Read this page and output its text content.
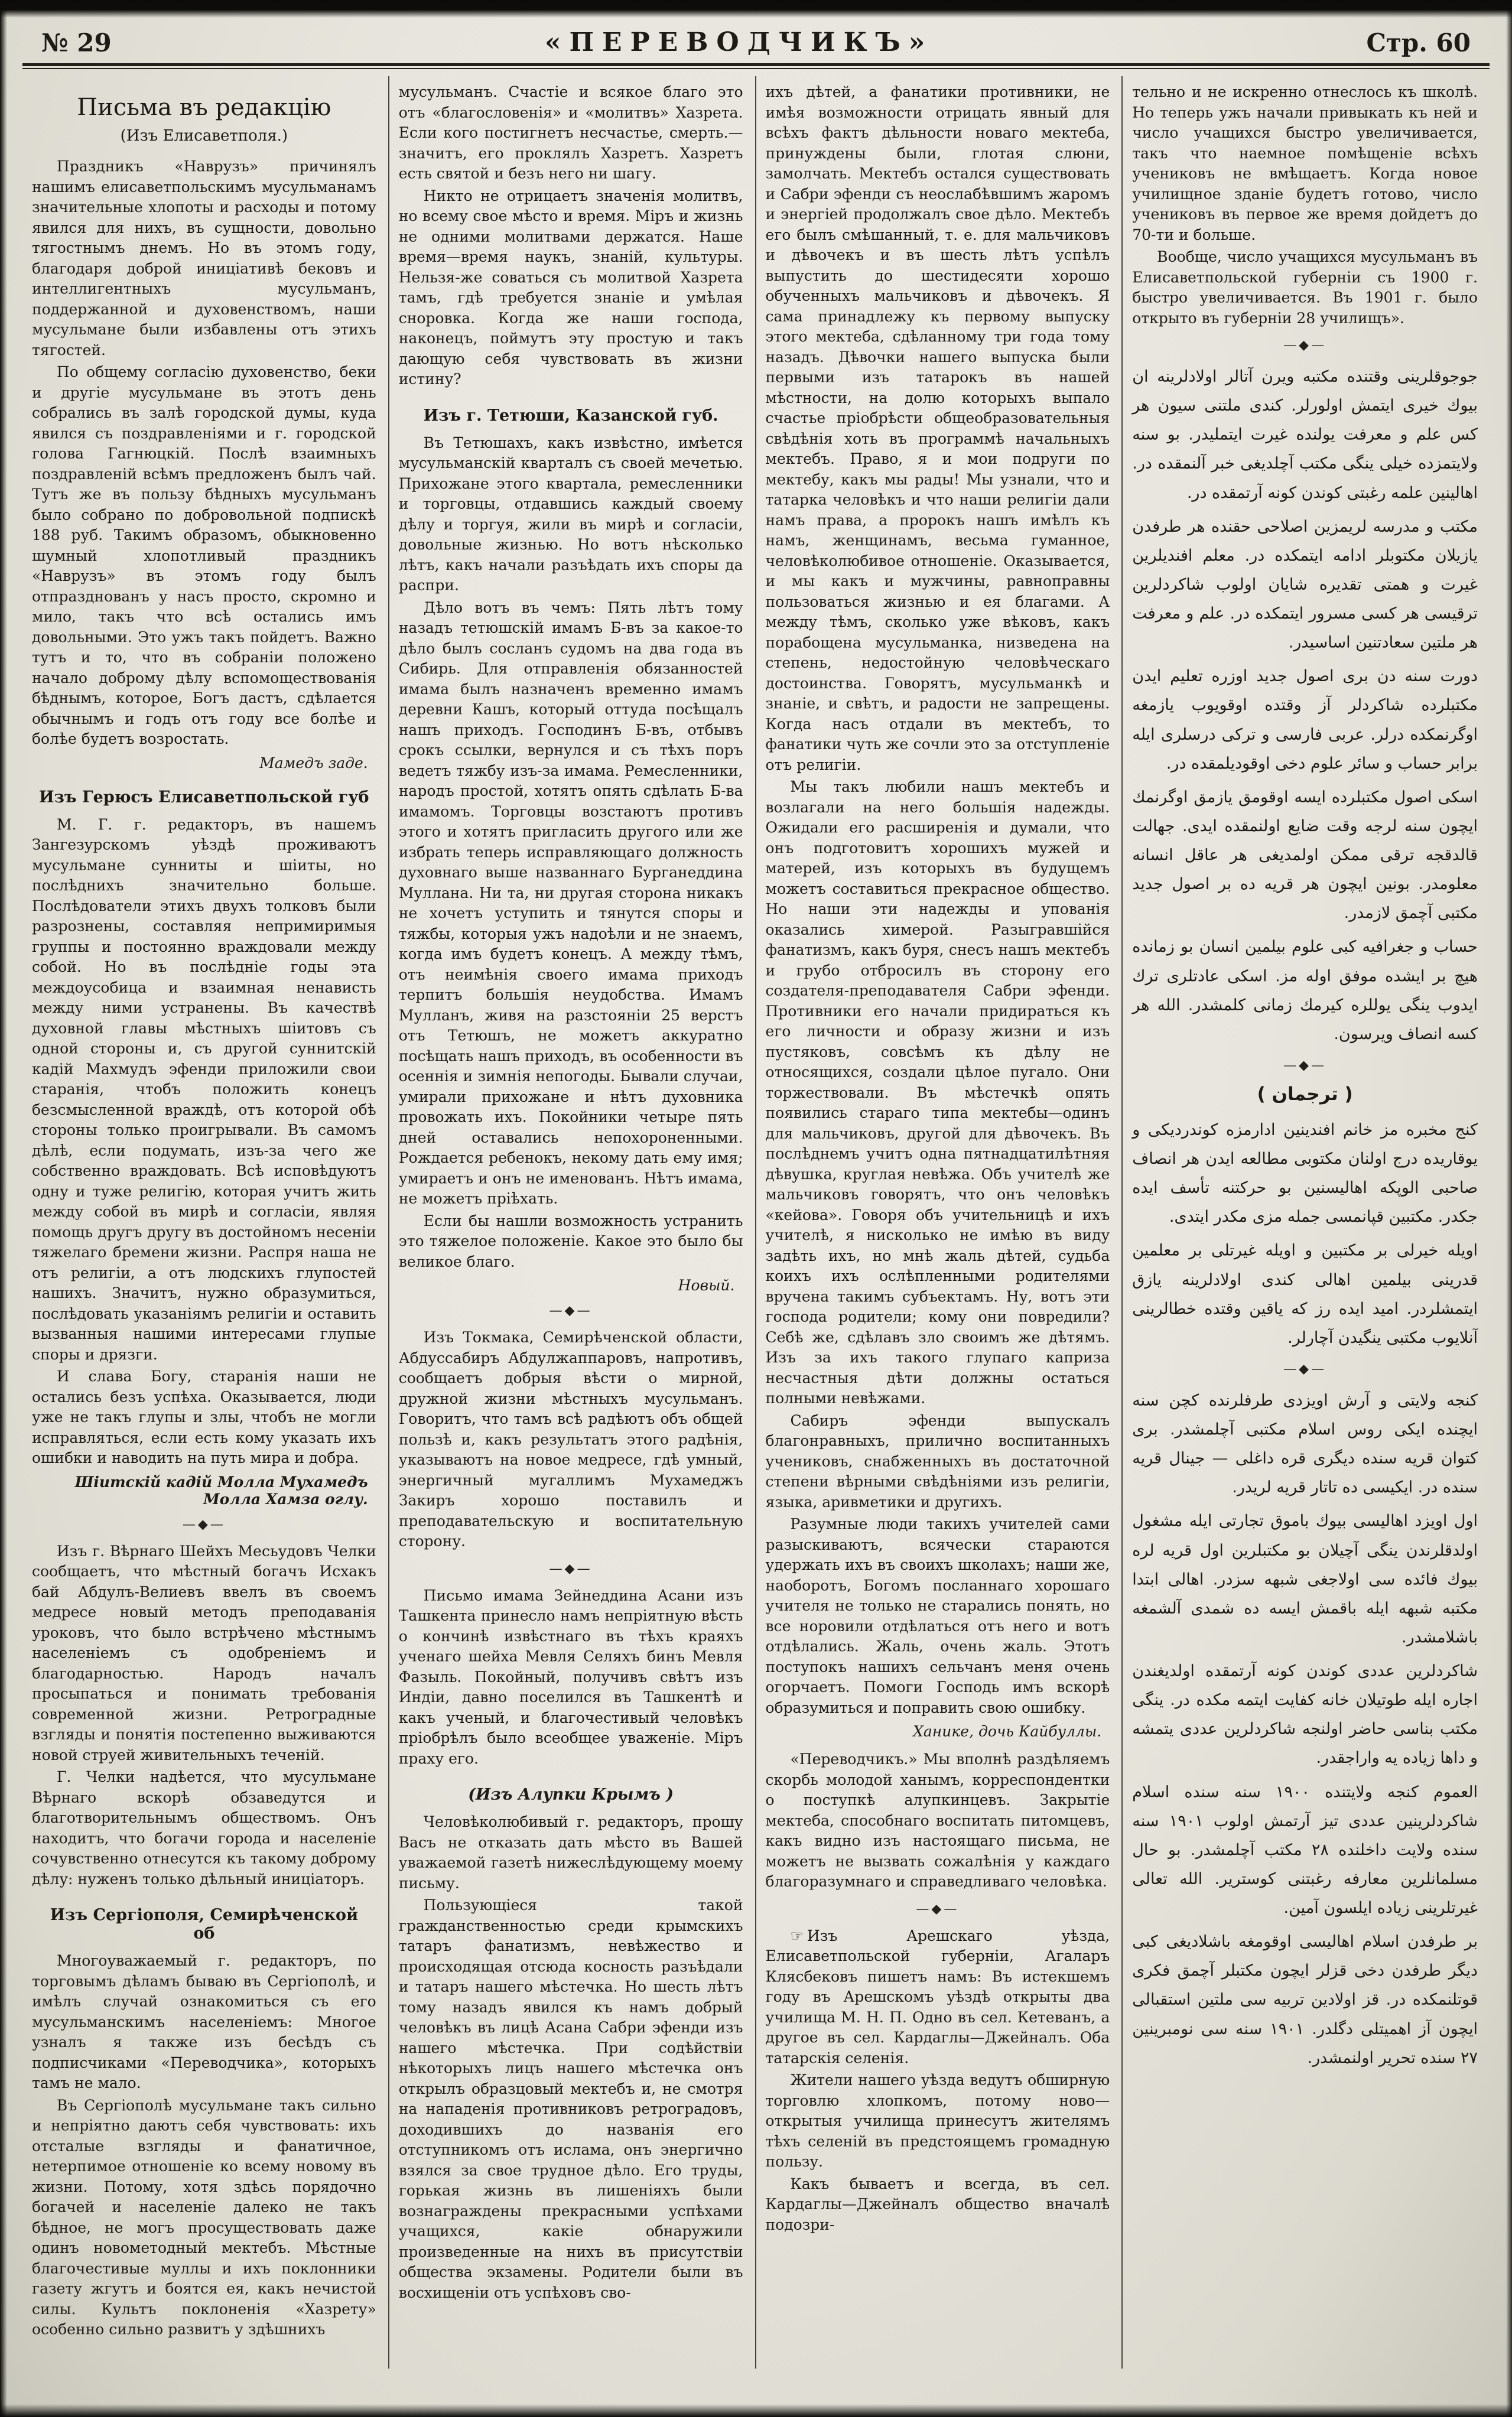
№ 29	«ПЕРЕВОДЧИКЪ»	Стр. 60
Письма въ редакцію
(Изъ Елисаветполя.)

Праздникъ «Наврузъ» причинялъ нашимъ елисаветпольскимъ мусульманамъ значительные хлопоты и расходы и потому явился для нихъ, въ сущности, довольно тягостнымъ днемъ. Но въ этомъ году, благодаря доброй иниціативѣ бековъ и интеллигентныхъ мусульманъ, поддержанной и духовенствомъ, наши мусульмане были избавлены отъ этихъ тягостей.

По общему согласію духовенство, беки и другіе мусульмане въ этотъ день собрались въ залѣ городской думы, куда явился съ поздравленіями и г. городской голова Гагнюцкій. Послѣ взаимныхъ поздравленій всѣмъ предложенъ былъ чай. Тутъ же въ пользу бѣдныхъ мусульманъ было собрано по добровольной подпискѣ 188 руб. Такимъ образомъ, обыкновенно шумный хлопотливый праздникъ «Наврузъ» въ этомъ году былъ отпразднованъ у насъ просто, скромно и мило, такъ что всѣ остались имъ довольными. Это ужъ такъ пойдетъ. Важно тутъ и то, что въ собраніи положено начало доброму дѣлу вспомоществованія бѣднымъ, которое, Богъ дастъ, сдѣлается обычнымъ и годъ отъ году все болѣе и болѣе будетъ возростать.

Мамедъ заде.
Изъ Герюсъ Елисаветпольской губ

М. Г. г. редакторъ, въ нашемъ Зангезурскомъ уѣздѣ проживаютъ мусульмане сунниты и шіиты, но послѣднихъ значительно больше. Послѣдователи этихъ двухъ толковъ были разрознены, составляя непримиримыя группы и постоянно враждовали между собой. Но въ послѣдніе годы эта междоусобица и взаимная ненависть между ними устранены. Въ качествѣ духовной главы мѣстныхъ шіитовъ съ одной стороны и, съ другой суннитскій кадій Махмудъ эфенди приложили свои старанія, чтобъ положить конецъ безсмысленной враждѣ, отъ которой обѣ стороны только проигрывали. Въ самомъ дѣлѣ, если подумать, изъ-за чего же собственно враждовать. Всѣ исповѣдуютъ одну и туже религію, которая учитъ жить между собой въ мирѣ и согласіи, являя помощь другъ другу въ достойномъ несеніи тяжелаго бремени жизни. Распря наша не отъ религіи, а отъ людскихъ глупостей нашихъ. Значитъ, нужно образумиться, послѣдовать указаніямъ религіи и оставить вызванныя нашими интересами глупые споры и дрязги.

И слава Богу, старанія наши не остались безъ успѣха. Оказывается, люди уже не такъ глупы и злы, чтобъ не могли исправляться, если есть кому указать ихъ ошибки и наводить на путь мира и добра.

Шіитскій кадій Молла Мухамедъ Молла Хамза оглу.
—◆—

Изъ г. Вѣрнаго Шейхъ Месьудовъ Челки сообщаетъ, что мѣстный богачъ Исхакъ бай Абдулъ-Велиевъ ввелъ въ своемъ медресе новый методъ преподаванія уроковъ, что было встрѣчено мѣстнымъ населеніемъ съ одобреніемъ и благодарностью. Народъ началъ просыпаться и понимать требованія современной жизни. Ретроградные взгляды и понятія постепенно выживаются новой струей живительныхъ теченій.

Г. Челки надѣется, что мусульмане Вѣрнаго вскорѣ обзаведутся и благотворительнымъ обществомъ. Онъ находитъ, что богачи города и населеніе сочувственно отнесутся къ такому доброму дѣлу: нуженъ только дѣльный иниціаторъ.

Изъ Сергіополя, Семирѣченской об

Многоуважаемый г. редакторъ, по торговымъ дѣламъ бываю въ Сергіополѣ, и имѣлъ случай ознакомиться съ его мусульманскимъ населеніемъ: Многое узналъ я также изъ бесѣдъ съ подписчиками «Переводчика», которыхъ тамъ не мало.

Въ Сергіополѣ мусульмане такъ сильно и непріятно даютъ себя чувствовать: ихъ отсталые взгляды и фанатичное, нетерпимое отношеніе ко всему новому въ жизни. Потому, хотя здѣсь порядочно богачей и населеніе далеко не такъ бѣдное, не могъ просуществовать даже одинъ новометодный мектебъ. Мѣстные благочестивые муллы и ихъ поклонники газету жгутъ и боятся ея, какъ нечистой силы. Культъ поклоненія «Хазрету» особенно сильно развитъ у здѣшнихъ

мусульманъ. Счастіе и всякое благо это отъ «благословенія» и «молитвъ» Хазрета. Если кого постигнетъ несчастье, смерть.—значитъ, его проклялъ Хазретъ. Хазретъ есть святой и безъ него ни шагу.

Никто не отрицаетъ значенія молитвъ, но всему свое мѣсто и время. Міръ и жизнь не одними молитвами держатся. Наше время—время наукъ, знаній, культуры. Нельзя-же соваться съ молитвой Хазрета тамъ, гдѣ требуется знаніе и умѣлая сноровка. Когда же наши господа, наконецъ, поймутъ эту простую и такъ дающую себя чувствовать въ жизни истину?

Изъ г. Тетюши, Казанской губ.

Въ Тетюшахъ, какъ извѣстно, имѣется мусульманскій кварталъ съ своей мечетью. Прихожане этого квартала, ремесленники и торговцы, отдавшись каждый своему дѣлу и торгуя, жили въ мирѣ и согласіи, довольные жизнью. Но вотъ нѣсколько лѣтъ, какъ начали разъѣдать ихъ споры да распри.

Дѣло вотъ въ чемъ: Пять лѣтъ тому назадъ тетюшскій имамъ Б-въ за какое-то дѣло былъ сосланъ судомъ на два года въ Сибирь. Для отправленія обязанностей имама былъ назначенъ временно имамъ деревни Кашъ, который оттуда посѣщалъ нашъ приходъ. Господинъ Б-въ, отбывъ срокъ ссылки, вернулся и съ тѣхъ поръ ведетъ тяжбу изъ-за имама. Ремесленники, народъ простой, хотятъ опять сдѣлать Б-ва имамомъ. Торговцы возстаютъ противъ этого и хотятъ пригласить другого или же избрать теперь исправляющаго должность духовнаго выше названнаго Бурганеддина Муллана. Ни та, ни другая сторона никакъ не хочетъ уступить и тянутся споры и тяжбы, которыя ужъ надоѣли и не знаемъ, когда имъ будетъ конецъ. А между тѣмъ, отъ неимѣнія своего имама приходъ терпитъ большія неудобства. Имамъ Мулланъ, живя на разстояніи 25 верстъ отъ Тетюшъ, не можетъ аккуратно посѣщать нашъ приходъ, въ особенности въ осеннія и зимнія непогоды. Бывали случаи, умирали прихожане и нѣтъ духовника провожать ихъ. Покойники четыре пять дней оставались непохороненными. Рождается ребенокъ, некому дать ему имя; умираетъ и онъ не именованъ. Нѣтъ имама, не можетъ пріѣхать.

Если бы нашли возможность устранить это тяжелое положеніе. Какое это было бы великое благо.

Новый.
—◆—

Изъ Токмака, Семирѣченской области, Абдуссабиръ Абдулжаппаровъ, напротивъ, сообщаетъ добрыя вѣсти о мирной, дружной жизни мѣстныхъ мусульманъ. Говоритъ, что тамъ всѣ радѣютъ объ общей пользѣ и, какъ результатъ этого радѣнія, указываютъ на новое медресе, гдѣ умный, энергичный мугаллимъ Мухамеджъ Закиръ хорошо поставилъ и преподавательскую и воспитательную сторону.

—◆—

Письмо имама Зейнеддина Асани изъ Ташкента принесло намъ непріятную вѣсть о кончинѣ извѣстнаго въ тѣхъ краяхъ ученаго шейха Мевля Селяхъ бинъ Мевля Фазыль. Покойный, получивъ свѣтъ изъ Индіи, давно поселился въ Ташкентѣ и какъ ученый, и благочестивый человѣкъ пріобрѣлъ было всеобщее уваженіе. Міръ праху его.

(Изъ Алупки Крымъ )

Человѣколюбивый г. редакторъ, прошу Васъ не отказать дать мѣсто въ Вашей уважаемой газетѣ нижеслѣдующему моему письму.

Пользующіеся такой гражданственностью среди крымскихъ татаръ фанатизмъ, невѣжество и происходящая отсюда косность разъѣдали и татаръ нашего мѣстечка. Но шесть лѣтъ тому назадъ явился къ намъ добрый человѣкъ въ лицѣ Асана Сабри эфенди изъ нашего мѣстечка. При содѣйствіи нѣкоторыхъ лицъ нашего мѣстечка онъ открылъ образцовый мектебъ и, не смотря на нападенія противниковъ ретроградовъ, доходившихъ до названія его отступникомъ отъ ислама, онъ энергично взялся за свое трудное дѣло. Его труды, горькая жизнь въ лишеніяхъ были вознаграждены прекрасными успѣхами учащихся, какіе обнаружили произведенные на нихъ въ присутствіи общества экзамены. Родители были въ восхищеніи отъ успѣховъ сво-

ихъ дѣтей, а фанатики противники, не имѣя возможности отрицать явный для всѣхъ фактъ дѣльности новаго мектеба, принуждены были, глотая слюни, замолчать. Мектебъ остался существовать и Сабри эфенди съ неослабѣвшимъ жаромъ и энергіей продолжалъ свое дѣло. Мектебъ его былъ смѣшанный, т. е. для мальчиковъ и дѣвочекъ и въ шесть лѣтъ успѣлъ выпустить до шестидесяти хорошо обученныхъ мальчиковъ и дѣвочекъ. Я сама принадлежу къ первому выпуску этого мектеба, сдѣланному три года тому назадъ. Дѣвочки нашего выпуска были первыми изъ татарокъ въ нашей мѣстности, на долю которыхъ выпало счастье пріобрѣсти общеобразовательныя свѣдѣнія хоть въ программѣ начальныхъ мектебъ. Право, я и мои подруги по мектебу, какъ мы рады! Мы узнали, что и татарка человѣкъ и что наши религіи дали намъ права, а пророкъ нашъ имѣлъ къ намъ, женщинамъ, весьма гуманное, человѣколюбивое отношеніе. Оказывается, и мы какъ и мужчины, равноправны пользоваться жизнью и ея благами. А между тѣмъ, сколько уже вѣковъ, какъ порабощена мусульманка, низведена на степень, недостойную человѣческаго достоинства. Говорятъ, мусульманкѣ и знаніе, и свѣтъ, и радости не запрещены. Когда насъ отдали въ мектебъ, то фанатики чуть же сочли это за отступленіе отъ религіи.

Мы такъ любили нашъ мектебъ и возлагали на него большія надежды. Ожидали его расширенія и думали, что онъ подготовитъ хорошихъ мужей и матерей, изъ которыхъ въ будущемъ можетъ составиться прекрасное общество. Но наши эти надежды и упованія оказались химерой. Разыгравшійся фанатизмъ, какъ буря, снесъ нашъ мектебъ и грубо отбросилъ въ сторону его создателя-преподавателя Сабри эфенди. Противники его начали придираться къ его личности и образу жизни и изъ пустяковъ, совсѣмъ къ дѣлу не относящихся, создали цѣлое пугало. Они торжествовали. Въ мѣстечкѣ опять появились стараго типа мектебы—одинъ для мальчиковъ, другой для дѣвочекъ. Въ послѣднемъ учитъ одна пятнадцатилѣтняя дѣвушка, круглая невѣжа. Объ учителѣ же мальчиковъ говорятъ, что онъ человѣкъ «кейова». Говоря объ учительницѣ и ихъ учителѣ, я нисколько не имѣю въ виду задѣть ихъ, но мнѣ жаль дѣтей, судьба коихъ ихъ ослѣпленными родителями вручена такимъ субъектамъ. Ну, вотъ эти господа родители; кому они повредили? Себѣ же, сдѣлавъ зло своимъ же дѣтямъ. Изъ за ихъ такого глупаго каприза несчастныя дѣти должны остаться полными невѣжами.

Сабиръ эфенди выпускалъ благонравныхъ, прилично воспитанныхъ учениковъ, снабженныхъ въ достаточной степени вѣрными свѣдѣніями изъ религіи, языка, аривметики и другихъ.

Разумные люди такихъ учителей сами разыскиваютъ, всячески стараются удержать ихъ въ своихъ школахъ; наши же, наоборотъ, Богомъ посланнаго хорошаго учителя не только не старались понять, но все норовили отдѣлаться отъ него и вотъ отдѣлались. Жаль, очень жаль. Этотъ поступокъ нашихъ сельчанъ меня очень огорчаетъ. Помоги Господь имъ вскорѣ образумиться и поправить свою ошибку.

Ханике, дочь Кайбуллы.

«Переводчикъ.» Мы вполнѣ раздѣляемъ скорбь молодой ханымъ, корреспондентки о поступкѣ алупкинцевъ. Закрытіе мектеба, способнаго воспитать питомцевъ, какъ видно изъ настоящаго письма, не можетъ не вызвать сожалѣнія у каждаго благоразумнаго и справедливаго человѣка.

—◆—

☞ Изъ Арешскаго уѣзда, Елисаветпольской губерніи, Агаларъ Клясбековъ пишетъ намъ: Въ истекшемъ году въ Арешскомъ уѣздѣ открыты два училища М. Н. П. Одно въ сел. Кетеванъ, а другое въ сел. Кардаглы—Джейналъ. Оба татарскія селенія.

Жители нашего уѣзда ведутъ обширную торговлю хлопкомъ, потому ново—открытыя училища принесутъ жителямъ тѣхъ селеній въ предстоящемъ громадную пользу.

Какъ бываетъ и всегда, въ сел. Кардаглы—Джейналъ общество вначалѣ подозри-

тельно и не искренно отнеслось къ школѣ. Но теперь ужъ начали привыкать къ ней и число учащихся быстро увеличивается, такъ что наемное помѣщеніе всѣхъ учениковъ не вмѣщаетъ. Когда новое училищное зданіе будетъ готово, число учениковъ въ первое же время дойдетъ до 70-ти и больше.

Вообще, число учащихся мусульманъ въ Елисаветпольской губерніи съ 1900 г. быстро увеличивается. Въ 1901 г. было открыто въ губерніи 28 училищъ».

—◆—

جوجوقلرینی وقتنده مکتبه ویرن آتالر اولادلرینه ان بیوك خیری ایتمش اولورلر. كندی ملتنی سیون هر كس علم و معرفت یولنده غیرت ایتملیدر. بو سنه ولایتمزده خیلی ینگی مکتب آچلدیغی خبر آلنمقده در. اهالینین علمه رغبتی كوندن كونه آرتمقده در.

مکتب و مدرسه لریمزین اصلاحی حقنده هر طرفدن یازیلان مکتوبلر ادامه ایتمكده در. معلم افندیلرین غیرت و همتی تقدیره شایان اولوب شاكردلرین ترقیسی هر كسی مسرور ایتمكده در. علم و معرفت هر ملتین سعادتنین اساسیدر.

دورت سنه دن بری اصول جدید اوزره تعلیم ایدن مکتبلرده شاكردلر آز وقتده اوقویوب یازمغه اوگرنمكده درلر. عربی فارسی و تركی درسلری ایله برابر حساب و سائر علوم دخی اوقودیلمقده در.

اسكی اصول مکتبلرده ایسه اوقومق یازمق اوگرنمك ایچون سنه لرجه وقت ضایع اولنمقده ایدی. جهالت قالدقجه ترقی ممكن اولمدیغی هر عاقل انسانه معلومدر. بونین ایچون هر قریه ده بر اصول جدید مکتبی آچمق لازمدر.

حساب و جغرافیه كبی علوم بیلمین انسان بو زمانده هیچ بر ایشده موفق اوله مز. اسكی عادتلری ترك ایدوب ینگی یوللره كیرمك زمانی كلمشدر. الله هر كسه انصاف ویرسون.

—◆—
( ترجمان )

كنج مخبره مز خانم افندینین ادارمزه كوندردیكی و یوقاریده درج اولنان مكتوبی مطالعه ایدن هر انصاف صاحبی الوپكه اهالیسنین بو حركتنه تأسف ایده جكدر. مکتبین قپانمسی جمله مزی مكدر ایتدی.

اویله خیرلی بر مكتبین و اویله غیرتلی بر معلمین قدرینی بیلمین اهالی كندی اولادلرینه یازق ایتمشلردر. امید ایده رز كه یاقین وقتده خطالرینی آنلایوب مكتبی ینگیدن آچارلر.

—◆—

كنجه ولایتی و آرش اویزدی طرفلرنده كچن سنه ایچنده ایكی روس اسلام مکتبی آچلمشدر. بری كتوان قریه سنده دیگری قره داغلی — جینال قریه سنده در. ایكیسی ده تاتار قریه لریدر.

اول اویزد اهالیسی بیوك باموق تجارتی ایله مشغول اولدقلرندن ینگی آچیلان بو مکتبلرین اول قریه لره بیوك فائده سی اولاجغی شبهه سزدر. اهالی ابتدا مكتبه شبهه ایله باقمش ایسه ده شمدی آلشمغه باشلامشدر.

شاكردلرین عددی كوندن كونه آرتمقده اولدیغندن اجاره ایله طوتیلان خانه كفایت ایتمه مكده در. ینگی مكتب بناسی حاضر اولنجه شاكردلرین عددی یتمشه و داها زیاده یه واراجقدر.

العموم كنجه ولایتنده ١٩٠٠ سنه سنده اسلام شاكردلرینین عددی تیز آرتمش اولوب ١٩٠١ سنه سنده ولایت داخلنده ٢٨ مكتب آچلمشدر. بو حال مسلمانلرین معارفه رغبتنی كوستریر. الله تعالی غیرتلرینی زیاده ایلسون آمین.

بر طرفدن اسلام اهالیسی اوقومغه باشلادیغی كبی دیگر طرفدن دخی قزلر ایچون مكتبلر آچمق فكری قوتلنمكده در. قز اولادین تربیه سی ملتین استقبالی ایچون آز اهمیتلی دگلدر. ١٩٠١ سنه سی نومبرینین ٢٧ سنده تحریر اولنمشدر.
